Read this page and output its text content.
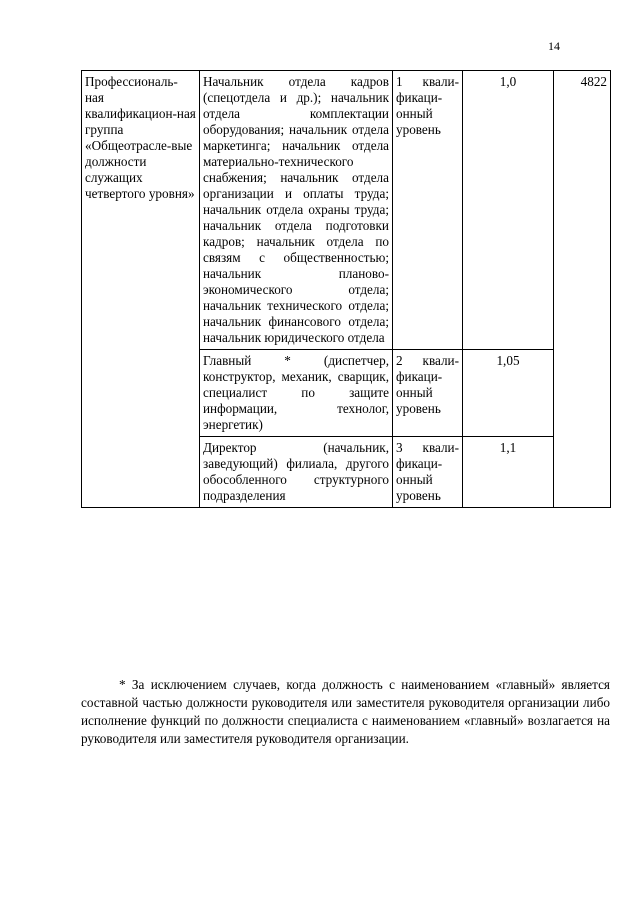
14
Профессиональ-ная квалификацион-ная группа «Общеотрасле-вые должности служащих четвертого уровня»	Начальник отдела кадров (спецотдела и др.); начальник отдела комплектации оборудования; начальник отдела маркетинга; начальник отдела материально-технического снабжения; начальник отдела организации и оплаты труда; начальник отдела охраны труда; начальник отдела подготовки кадров; начальник отдела по связям с общественностью; начальник планово-экономического отдела; начальник технического отдела; начальник финансового отдела; начальник юридического отдела	1 квали-фикаци-онный уровень	1,0	4822
	Главный * (диспетчер, конструктор, механик, сварщик, специалист по защите информации, технолог, энергетик)	2 квали-фикаци-онный уровень	1,05	
	Директор (начальник, заведующий) филиала, другого обособленного структурного подразделения	3 квали-фикаци-онный уровень	1,1	

* За исключением случаев, когда должность с наименованием «главный» является составной частью должности руководителя или заместителя руководителя организации либо исполнение функций по должности специалиста с наименованием «главный» возлагается на руководителя или заместителя руководителя организации.
